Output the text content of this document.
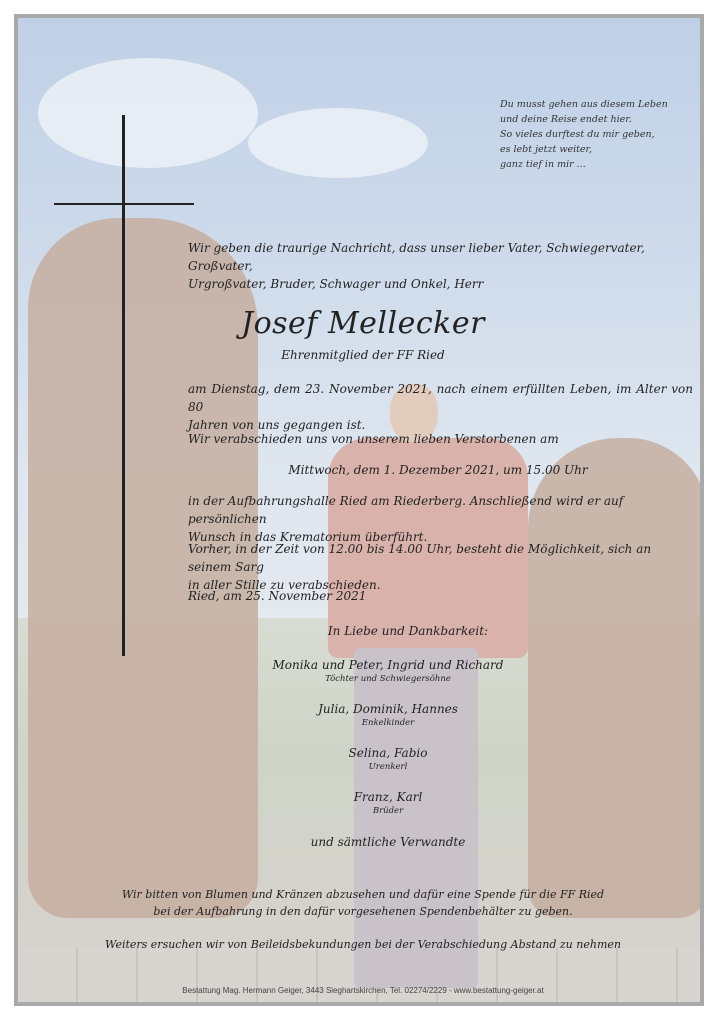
Du musst gehen aus diesem Leben
und deine Reise endet hier.
So vieles durftest du mir geben,
es lebt jetzt weiter,
ganz tief in mir ...
Wir geben die traurige Nachricht, dass unser lieber Vater, Schwiegervater, Großvater,
Urgroßvater, Bruder, Schwager und Onkel, Herr
Josef Mellecker
Ehrenmitglied der FF Ried
am Dienstag, dem 23. November 2021, nach einem erfüllten Leben, im Alter von 80
Jahren von uns gegangen ist.
Wir verabschieden uns von unserem lieben Verstorbenen am
Mittwoch, dem 1. Dezember 2021, um 15.00 Uhr
in der Aufbahrungshalle Ried am Riederberg. Anschließend wird er auf persönlichen
Wunsch in das Krematorium überführt.
Vorher, in der Zeit von 12.00 bis 14.00 Uhr, besteht die Möglichkeit, sich an seinem Sarg
in aller Stille zu verabschieden.
Ried, am 25. November 2021
In Liebe und Dankbarkeit:
Monika und Peter, Ingrid und Richard
Töchter und Schwiegersöhne
Julia, Dominik, Hannes
Enkelkinder
Selina, Fabio
Urenkerl
Franz, Karl
Brüder
und sämtliche Verwandte
Wir bitten von Blumen und Kränzen abzusehen und dafür eine Spende für die FF Ried
bei der Aufbahrung in den dafür vorgesehenen Spendenbehälter zu geben.
Weiters ersuchen wir von Beileidsbekundungen bei der Verabschiedung Abstand zu nehmen
Bestattung Mag. Hermann Geiger, 3443 Sieghartskirchen, Tel. 02274/2229 - www.bestattung-geiger.at
